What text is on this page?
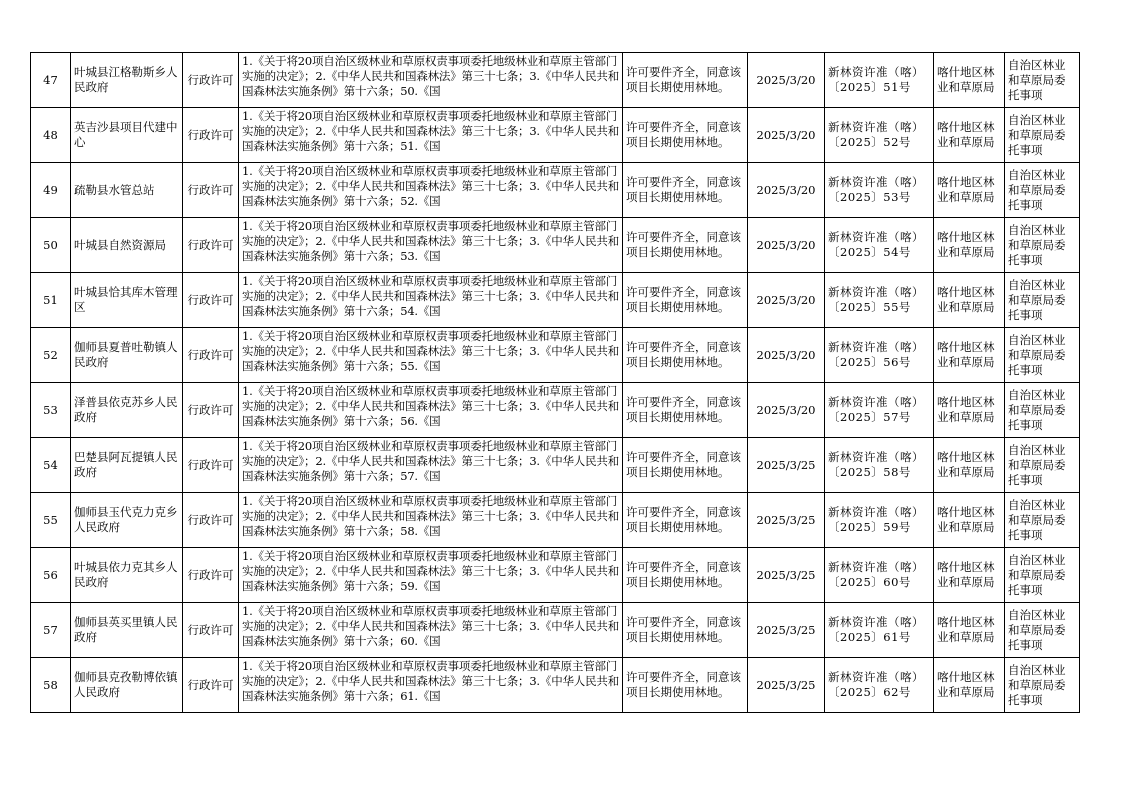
47	叶城县江格勒斯乡人民政府	行政许可	1.《关于将20项自治区级林业和草原权责事项委托地级林业和草原主管部门实施的决定》；2.《中华人民共和国森林法》第三十七条；3.《中华人民共和国森林法实施条例》第十六条；50.《国	许可要件齐全，同意该项目长期使用林地。	2025/3/20	新林资许准（喀）〔2025〕51号	喀什地区林业和草原局	自治区林业和草原局委托事项
48	英吉沙县项目代建中心	行政许可	1.《关于将20项自治区级林业和草原权责事项委托地级林业和草原主管部门实施的决定》；2.《中华人民共和国森林法》第三十七条；3.《中华人民共和国森林法实施条例》第十六条；51.《国	许可要件齐全，同意该项目长期使用林地。	2025/3/20	新林资许准（喀）〔2025〕52号	喀什地区林业和草原局	自治区林业和草原局委托事项
49	疏勒县水管总站	行政许可	1.《关于将20项自治区级林业和草原权责事项委托地级林业和草原主管部门实施的决定》；2.《中华人民共和国森林法》第三十七条；3.《中华人民共和国森林法实施条例》第十六条；52.《国	许可要件齐全，同意该项目长期使用林地。	2025/3/20	新林资许准（喀）〔2025〕53号	喀什地区林业和草原局	自治区林业和草原局委托事项
50	叶城县自然资源局	行政许可	1.《关于将20项自治区级林业和草原权责事项委托地级林业和草原主管部门实施的决定》；2.《中华人民共和国森林法》第三十七条；3.《中华人民共和国森林法实施条例》第十六条；53.《国	许可要件齐全，同意该项目长期使用林地。	2025/3/20	新林资许准（喀）〔2025〕54号	喀什地区林业和草原局	自治区林业和草原局委托事项
51	叶城县恰其库木管理区	行政许可	1.《关于将20项自治区级林业和草原权责事项委托地级林业和草原主管部门实施的决定》；2.《中华人民共和国森林法》第三十七条；3.《中华人民共和国森林法实施条例》第十六条；54.《国	许可要件齐全，同意该项目长期使用林地。	2025/3/20	新林资许准（喀）〔2025〕55号	喀什地区林业和草原局	自治区林业和草原局委托事项
52	伽师县夏普吐勒镇人民政府	行政许可	1.《关于将20项自治区级林业和草原权责事项委托地级林业和草原主管部门实施的决定》；2.《中华人民共和国森林法》第三十七条；3.《中华人民共和国森林法实施条例》第十六条；55.《国	许可要件齐全，同意该项目长期使用林地。	2025/3/20	新林资许准（喀）〔2025〕56号	喀什地区林业和草原局	自治区林业和草原局委托事项
53	泽普县依克苏乡人民政府	行政许可	1.《关于将20项自治区级林业和草原权责事项委托地级林业和草原主管部门实施的决定》；2.《中华人民共和国森林法》第三十七条；3.《中华人民共和国森林法实施条例》第十六条；56.《国	许可要件齐全，同意该项目长期使用林地。	2025/3/20	新林资许准（喀）〔2025〕57号	喀什地区林业和草原局	自治区林业和草原局委托事项
54	巴楚县阿瓦提镇人民政府	行政许可	1.《关于将20项自治区级林业和草原权责事项委托地级林业和草原主管部门实施的决定》；2.《中华人民共和国森林法》第三十七条；3.《中华人民共和国森林法实施条例》第十六条；57.《国	许可要件齐全，同意该项目长期使用林地。	2025/3/25	新林资许准（喀）〔2025〕58号	喀什地区林业和草原局	自治区林业和草原局委托事项
55	伽师县玉代克力克乡人民政府	行政许可	1.《关于将20项自治区级林业和草原权责事项委托地级林业和草原主管部门实施的决定》；2.《中华人民共和国森林法》第三十七条；3.《中华人民共和国森林法实施条例》第十六条；58.《国	许可要件齐全，同意该项目长期使用林地。	2025/3/25	新林资许准（喀）〔2025〕59号	喀什地区林业和草原局	自治区林业和草原局委托事项
56	叶城县依力克其乡人民政府	行政许可	1.《关于将20项自治区级林业和草原权责事项委托地级林业和草原主管部门实施的决定》；2.《中华人民共和国森林法》第三十七条；3.《中华人民共和国森林法实施条例》第十六条；59.《国	许可要件齐全，同意该项目长期使用林地。	2025/3/25	新林资许准（喀）〔2025〕60号	喀什地区林业和草原局	自治区林业和草原局委托事项
57	伽师县英买里镇人民政府	行政许可	1.《关于将20项自治区级林业和草原权责事项委托地级林业和草原主管部门实施的决定》；2.《中华人民共和国森林法》第三十七条；3.《中华人民共和国森林法实施条例》第十六条；60.《国	许可要件齐全，同意该项目长期使用林地。	2025/3/25	新林资许准（喀）〔2025〕61号	喀什地区林业和草原局	自治区林业和草原局委托事项
58	伽师县克孜勒博依镇人民政府	行政许可	1.《关于将20项自治区级林业和草原权责事项委托地级林业和草原主管部门实施的决定》；2.《中华人民共和国森林法》第三十七条；3.《中华人民共和国森林法实施条例》第十六条；61.《国	许可要件齐全，同意该项目长期使用林地。	2025/3/25	新林资许准（喀）〔2025〕62号	喀什地区林业和草原局	自治区林业和草原局委托事项
